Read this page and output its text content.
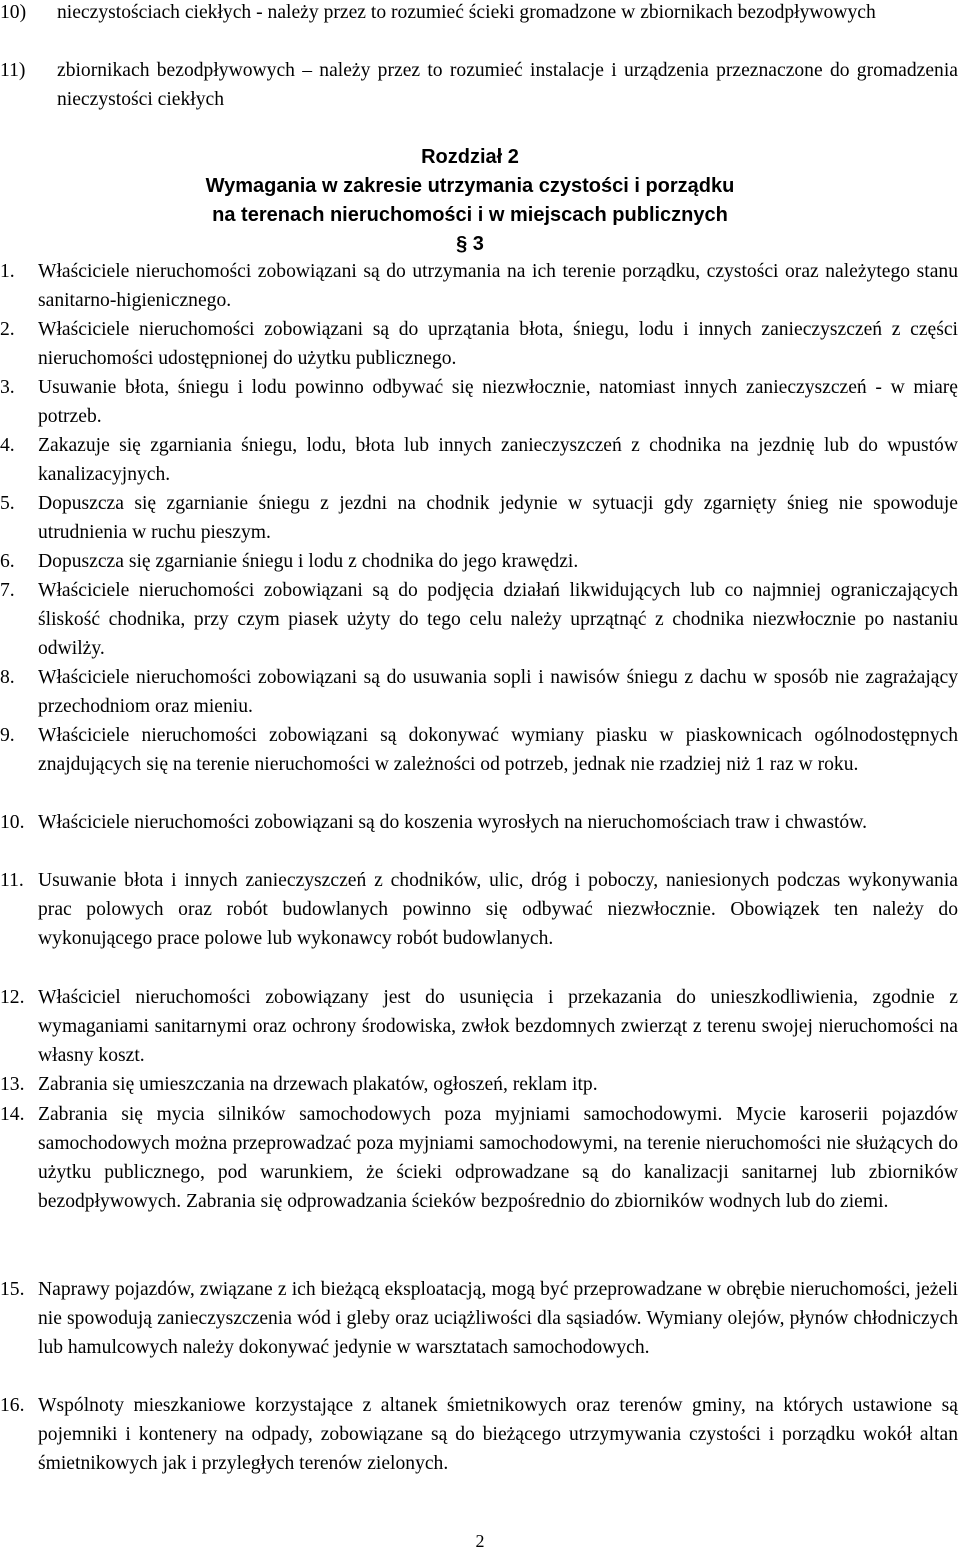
10)	nieczystościach ciekłych - należy przez to rozumieć ścieki gromadzone w zbiornikach bezodpływowych
11)	zbiornikach bezodpływowych – należy przez to rozumieć instalacje i urządzenia przeznaczone do gromadzenia nieczystości ciekłych
Rozdział 2
Wymagania w zakresie utrzymania czystości i porządku
na terenach nieruchomości i w miejscach publicznych
§ 3
1.	Właściciele nieruchomości zobowiązani są do utrzymania na ich terenie porządku, czystości oraz należytego stanu sanitarno-higienicznego.
2.	Właściciele nieruchomości zobowiązani są do uprzątania błota, śniegu, lodu i innych zanieczyszczeń z części nieruchomości udostępnionej do użytku publicznego.
3.	Usuwanie błota, śniegu i lodu powinno odbywać się niezwłocznie, natomiast innych zanieczyszczeń - w miarę potrzeb.
4.	Zakazuje się zgarniania śniegu, lodu, błota lub innych zanieczyszczeń z chodnika na jezdnię lub do wpustów kanalizacyjnych.
5.	Dopuszcza się zgarnianie śniegu z jezdni na chodnik jedynie w sytuacji gdy zgarnięty śnieg nie spowoduje utrudnienia w ruchu pieszym.
6.	Dopuszcza się zgarnianie śniegu i lodu z chodnika do jego krawędzi.
7.	Właściciele nieruchomości zobowiązani są do podjęcia działań likwidujących lub co najmniej ograniczających śliskość chodnika, przy czym piasek użyty do tego celu należy uprzątnąć z chodnika niezwłocznie po nastaniu odwilży.
8.	Właściciele nieruchomości zobowiązani są do usuwania sopli i nawisów śniegu z dachu w sposób nie zagrażający przechodniom oraz mieniu.
9.	Właściciele nieruchomości zobowiązani są dokonywać wymiany piasku w piaskownicach ogólnodostępnych znajdujących się na terenie nieruchomości w zależności od potrzeb, jednak nie rzadziej niż 1 raz w roku.
10. Właściciele nieruchomości zobowiązani są do koszenia wyrosłych na nieruchomościach traw i chwastów.
11. Usuwanie błota i innych zanieczyszczeń z chodników, ulic, dróg i poboczy, naniesionych podczas wykonywania prac polowych oraz robót budowlanych powinno się odbywać niezwłocznie. Obowiązek ten należy do wykonującego prace polowe lub wykonawcy robót budowlanych.
12. Właściciel nieruchomości zobowiązany jest do usunięcia i przekazania do unieszkodliwienia, zgodnie z wymaganiami sanitarnymi oraz ochrony środowiska, zwłok bezdomnych zwierząt z terenu swojej nieruchomości na własny koszt.
13. Zabrania się umieszczania na drzewach plakatów, ogłoszeń, reklam itp.
14. Zabrania się mycia silników samochodowych poza myjniami samochodowymi. Mycie karoserii pojazdów samochodowych można przeprowadzać poza myjniami samochodowymi, na terenie nieruchomości nie służących do użytku publicznego, pod warunkiem, że ścieki odprowadzane są do kanalizacji sanitarnej lub zbiorników bezodpływowych. Zabrania się odprowadzania ścieków bezpośrednio do zbiorników wodnych lub do ziemi.
15. Naprawy pojazdów, związane z ich bieżącą eksploatacją, mogą być przeprowadzane w obrębie nieruchomości, jeżeli nie spowodują zanieczyszczenia wód i gleby oraz uciążliwości dla sąsiadów. Wymiany olejów, płynów chłodniczych lub hamulcowych należy dokonywać jedynie w warsztatach samochodowych.
16. Wspólnoty mieszkaniowe korzystające z altanek śmietnikowych oraz terenów gminy, na których ustawione są pojemniki i kontenery na odpady, zobowiązane są do bieżącego utrzymywania czystości i porządku wokół altan śmietnikowych jak i przyległych terenów zielonych.
2
